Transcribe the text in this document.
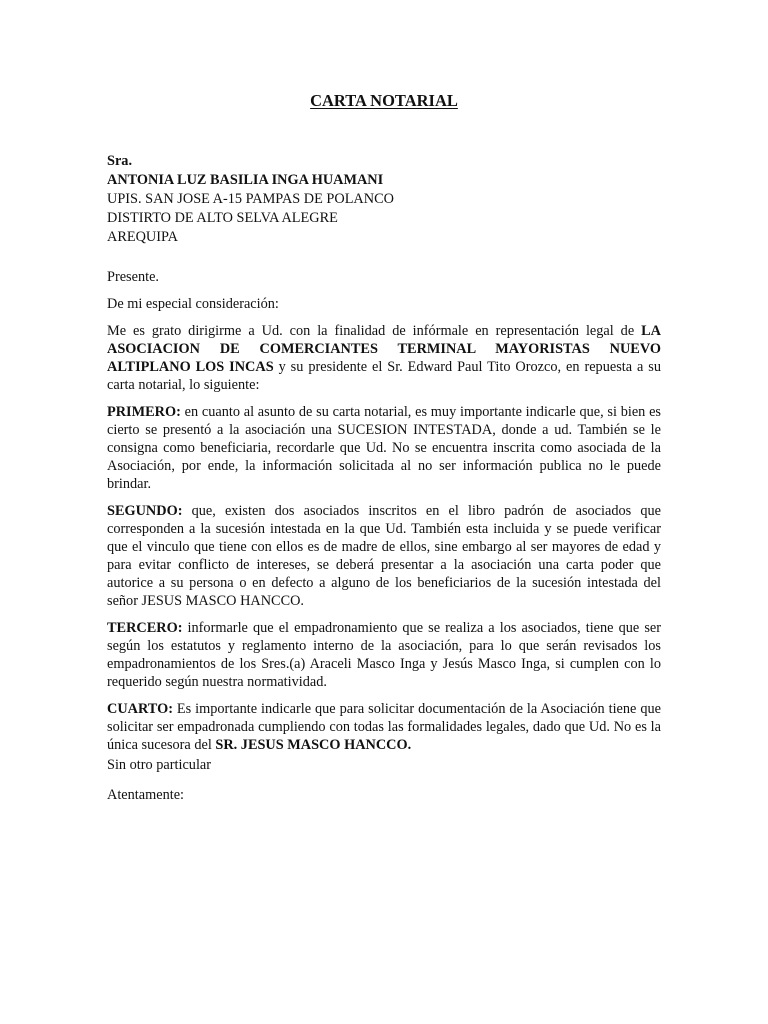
CARTA NOTARIAL
Sra.
ANTONIA LUZ BASILIA INGA HUAMANI
UPIS. SAN JOSE A-15 PAMPAS DE POLANCO
DISTIRTO DE ALTO SELVA ALEGRE
AREQUIPA

Presente.

De mi especial consideración:

Me es grato dirigirme a Ud. con la finalidad de infórmale en representación legal de LA ASOCIACION DE COMERCIANTES TERMINAL MAYORISTAS NUEVO ALTIPLANO LOS INCAS y su presidente el Sr. Edward Paul Tito Orozco, en repuesta a su carta notarial, lo siguiente:

PRIMERO: en cuanto al asunto de su carta notarial, es muy importante indicarle que, si bien es cierto se presentó a la asociación una SUCESION INTESTADA, donde a ud. También se le consigna como beneficiaria, recordarle que Ud. No se encuentra inscrita como asociada de la Asociación, por ende, la información solicitada al no ser información publica no le puede brindar.

SEGUNDO: que, existen dos asociados inscritos en el libro padrón de asociados que corresponden a la sucesión intestada en la que Ud. También esta incluida y se puede verificar que el vinculo que tiene con ellos es de madre de ellos, sine embargo al ser mayores de edad y para evitar conflicto de intereses, se deberá presentar a la asociación una carta poder que autorice a su persona o en defecto a alguno de los beneficiarios de la sucesión intestada del señor JESUS MASCO HANCCO.

TERCERO: informarle que el empadronamiento que se realiza a los asociados, tiene que ser según los estatutos y reglamento interno de la asociación, para lo que serán revisados los empadronamientos de los Sres.(a) Araceli Masco Inga y Jesús Masco Inga, si cumplen con lo requerido según nuestra normatividad.

CUARTO: Es importante indicarle que para solicitar documentación de la Asociación tiene que solicitar ser empadronada cumpliendo con todas las formalidades legales, dado que Ud. No es la única sucesora del SR. JESUS MASCO HANCCO.

Sin otro particular
Atentamente:
